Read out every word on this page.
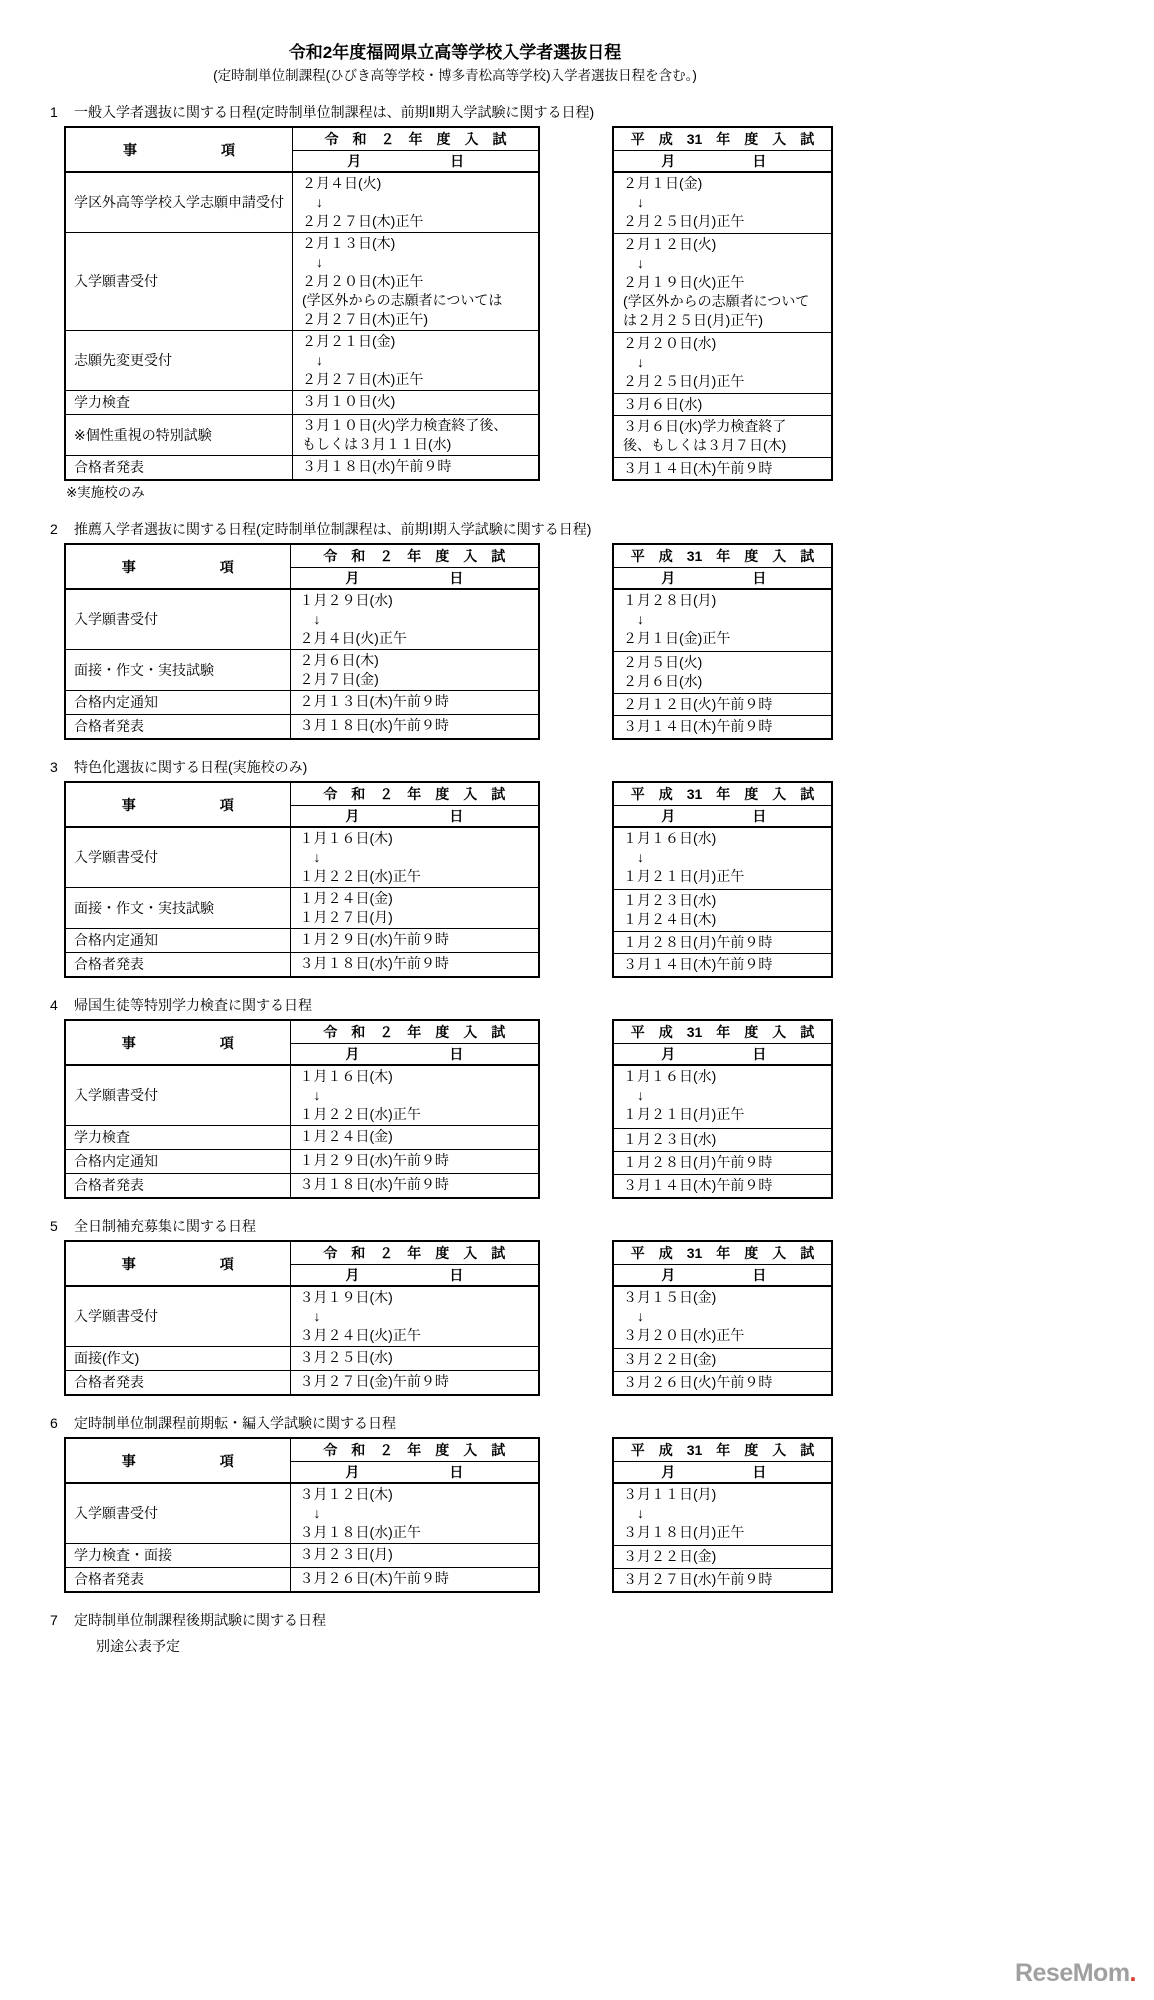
令和2年度福岡県立高等学校入学者選抜日程
(定時制単位制課程(ひびき高等学校・博多青松高等学校)入学者選抜日程を含む。)
1 一般入学者選抜に関する日程(定時制単位制課程は、前期Ⅱ期入学試験に関する日程)
事　　　　　　項	令　和　２　年　度　入　試

	月 日

学区外高等学校入学志願申請受付	２月４日(火)
　↓
２月２７日(木)正午
入学願書受付	２月１３日(木)
　↓
２月２０日(木)正午
(学区外からの志願者については
２月２７日(木)正午)
志願先変更受付	２月２１日(金)
　↓
２月２７日(木)正午
学力検査	３月１０日(火)
※個性重視の特別試験	３月１０日(火)学力検査終了後、
もしくは３月１１日(水)
合格者発表	３月１８日(水)午前９時
平　成　31　年　度　入　試

月	日

２月１日(金)
　↓
２月２５日(月)正午
２月１２日(火)
　↓
２月１９日(火)正午
(学区外からの志願者について
は２月２５日(月)正午)
２月２０日(水)
　↓
２月２５日(月)正午
３月６日(水)
３月６日(水)学力検査終了
後、もしくは３月７日(木)
３月１４日(木)午前９時
※実施校のみ
2 推薦入学者選抜に関する日程(定時制単位制課程は、前期Ⅰ期入学試験に関する日程)
事　　　　　　項	令　和　２　年　度　入　試

	月 日

入学願書受付	１月２９日(水)
　↓
２月４日(火)正午
面接・作文・実技試験	２月６日(木)
２月７日(金)
合格内定通知	２月１３日(木)午前９時
合格者発表	３月１８日(水)午前９時
平　成　31　年　度　入　試

月	日

１月２８日(月)
　↓
２月１日(金)正午
２月５日(火)
２月６日(水)
２月１２日(火)午前９時
３月１４日(木)午前９時
3 特色化選抜に関する日程(実施校のみ)
事　　　　　　項	令　和　２　年　度　入　試

	月 日

入学願書受付	１月１６日(木)
　↓
１月２２日(水)正午
面接・作文・実技試験	１月２４日(金)
１月２７日(月)
合格内定通知	１月２９日(水)午前９時
合格者発表	３月１８日(水)午前９時
平　成　31　年　度　入　試

月	日

１月１６日(水)
　↓
１月２１日(月)正午
１月２３日(水)
１月２４日(木)
１月２８日(月)午前９時
３月１４日(木)午前９時
4 帰国生徒等特別学力検査に関する日程
事　　　　　　項	令　和　２　年　度　入　試

	月 日

入学願書受付	１月１６日(木)
　↓
１月２２日(水)正午
学力検査	１月２４日(金)
合格内定通知	１月２９日(水)午前９時
合格者発表	３月１８日(水)午前９時
平　成　31　年　度　入　試

月	日

１月１６日(水)
　↓
１月２１日(月)正午
１月２３日(水)
１月２８日(月)午前９時
３月１４日(木)午前９時
5 全日制補充募集に関する日程
事　　　　　　項	令　和　２　年　度　入　試

	月 日

入学願書受付	３月１９日(木)
　↓
３月２４日(火)正午
面接(作文)	３月２５日(水)
合格者発表	３月２７日(金)午前９時
平　成　31　年　度　入　試

月	日

３月１５日(金)
　↓
３月２０日(水)正午
３月２２日(金)
３月２６日(火)午前９時
6 定時制単位制課程前期転・編入学試験に関する日程
事　　　　　　項	令　和　２　年　度　入　試

	月 日

入学願書受付	３月１２日(木)
　↓
３月１８日(水)正午
学力検査・面接	３月２３日(月)
合格者発表	３月２６日(木)午前９時
平　成　31　年　度　入　試

月	日

３月１１日(月)
　↓
３月１８日(月)正午
３月２２日(金)
３月２７日(水)午前９時
7 定時制単位制課程後期試験に関する日程
別途公表予定
ReseMom.
